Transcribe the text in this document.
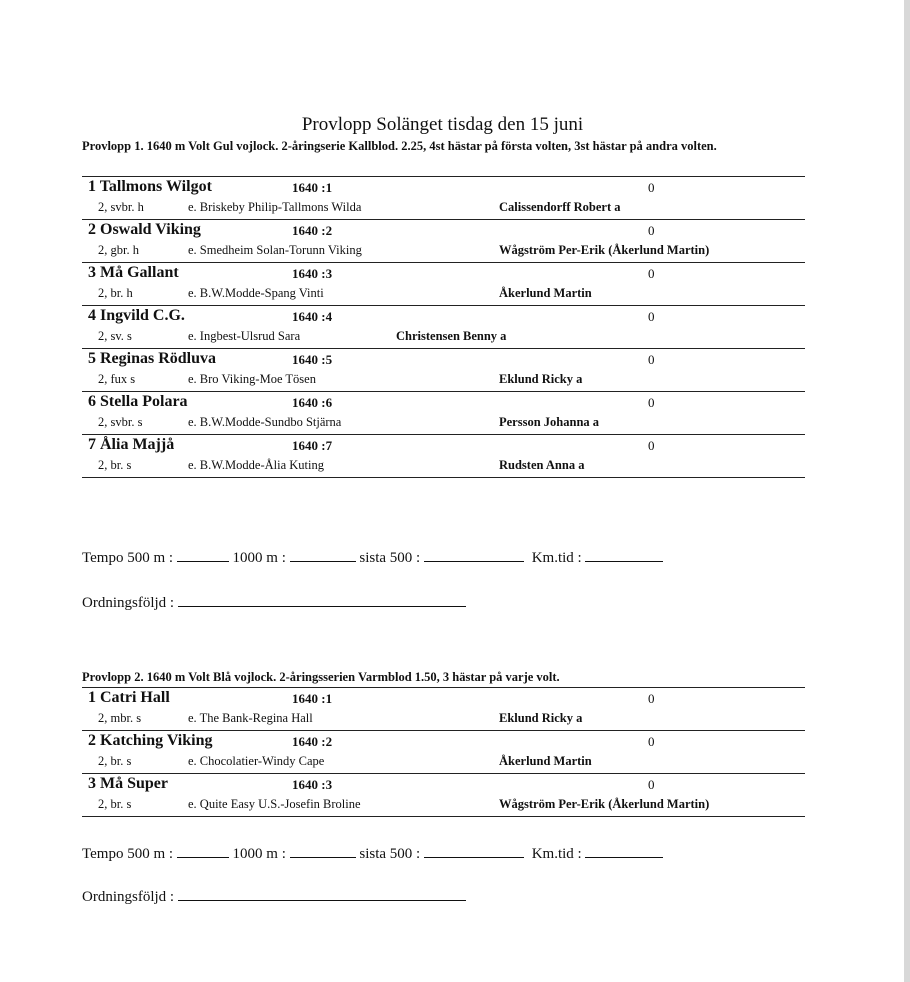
Provlopp Solänget tisdag den 15 juni
Provlopp 1. 1640 m Volt Gul vojlock. 2-åringserie Kallblod. 2.25, 4st hästar på första volten, 3st hästar på andra volten.
1 Tallmons Wilgot	1640 :1	0
2, svbr. h	e. Briskeby Philip-Tallmons Wilda	Calissendorff Robert a
2 Oswald Viking	1640 :2	0
2, gbr. h	e. Smedheim Solan-Torunn Viking	Wågström Per-Erik (Åkerlund Martin)
3 Må Gallant	1640 :3	0
2, br. h	e. B.W.Modde-Spang Vinti	Åkerlund Martin
4 Ingvild C.G.	1640 :4	0
2, sv. s	e. Ingbest-Ulsrud Sara	Christensen Benny a
5 Reginas Rödluva	1640 :5	0
2, fux s	e. Bro Viking-Moe Tösen	Eklund Ricky a
6 Stella Polara	1640 :6	0
2, svbr. s	e. B.W.Modde-Sundbo Stjärna	Persson Johanna a
7 Ålia Majjå	1640 :7	0
2, br. s	e. B.W.Modde-Ålia Kuting	Rudsten Anna a
Tempo 500 m :	1000 m :	sista 500 :	Km.tid :
Ordningsföljd :
Provlopp 2. 1640 m Volt Blå vojlock. 2-åringsserien Varmblod 1.50, 3 hästar på varje volt.
1 Catri Hall	1640 :1	0
2, mbr. s	e. The Bank-Regina Hall	Eklund Ricky a
2 Katching Viking	1640 :2	0
2, br. s	e. Chocolatier-Windy Cape	Åkerlund Martin
3 Må Super	1640 :3	0
2, br. s	e. Quite Easy U.S.-Josefin Broline	Wågström Per-Erik (Åkerlund Martin)
Tempo 500 m :	1000 m :	sista 500 :	Km.tid :
Ordningsföljd :
